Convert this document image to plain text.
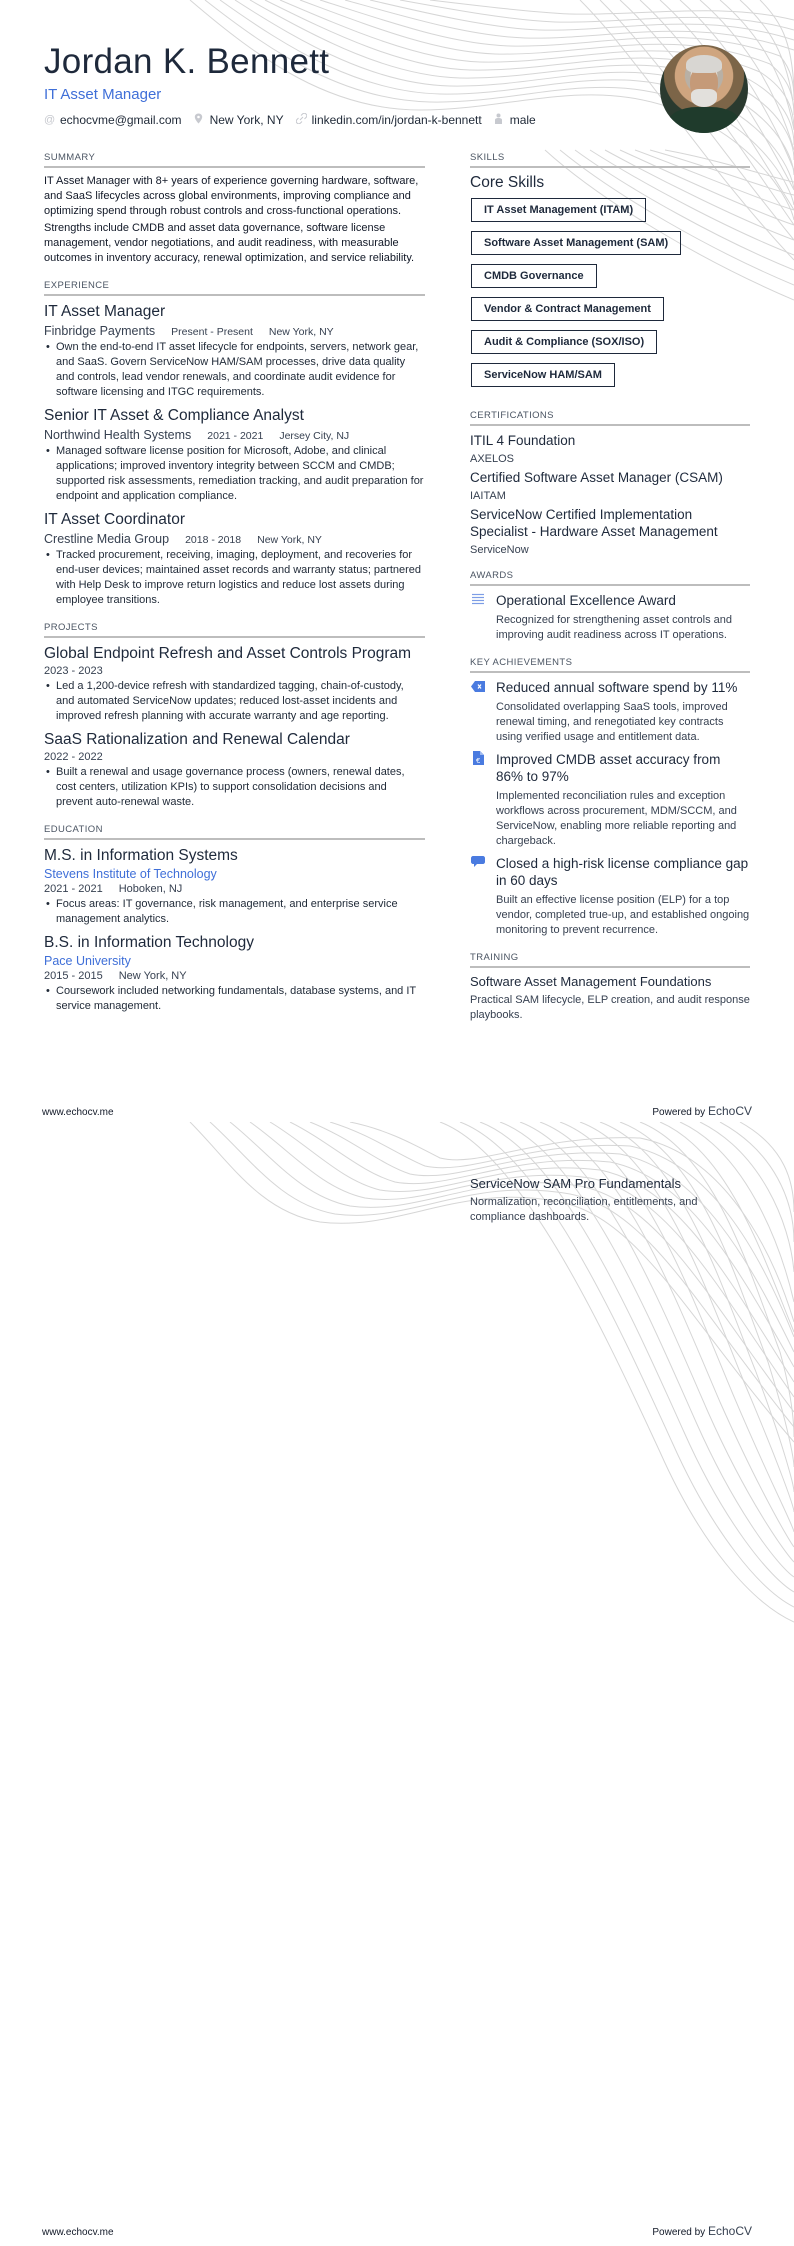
Jordan K. Bennett
IT Asset Manager
@ echocvme@gmail.com New York, NY linkedin.com/in/jordan-k-bennett male
SUMMARY

IT Asset Manager with 8+ years of experience governing hardware, software, and SaaS lifecycles across global environments, improving compliance and optimizing spend through robust controls and cross-functional operations.

Strengths include CMDB and asset data governance, software license management, vendor negotiations, and audit readiness, with measurable outcomes in inventory accuracy, renewal optimization, and service reliability.

EXPERIENCE
IT Asset Manager
Finbridge Payments Present - Present New York, NY
• Own the end-to-end IT asset lifecycle for endpoints, servers, network gear, and SaaS. Govern ServiceNow HAM/SAM processes, drive data quality and controls, lead vendor renewals, and coordinate audit evidence for software licensing and ITGC requirements.
Senior IT Asset & Compliance Analyst
Northwind Health Systems 2021 - 2021 Jersey City, NJ
• Managed software license position for Microsoft, Adobe, and clinical applications; improved inventory integrity between SCCM and CMDB; supported risk assessments, remediation tracking, and audit preparation for endpoint and application compliance.
IT Asset Coordinator
Crestline Media Group 2018 - 2018 New York, NY
• Tracked procurement, receiving, imaging, deployment, and recoveries for end-user devices; maintained asset records and warranty status; partnered with Help Desk to improve return logistics and reduce lost assets during employee transitions.
PROJECTS
Global Endpoint Refresh and Asset Controls Program
2023 - 2023
• Led a 1,200-device refresh with standardized tagging, chain-of-custody, and automated ServiceNow updates; reduced lost-asset incidents and improved refresh planning with accurate warranty and age reporting.
SaaS Rationalization and Renewal Calendar
2022 - 2022
• Built a renewal and usage governance process (owners, renewal dates, cost centers, utilization KPIs) to support consolidation decisions and prevent auto-renewal waste.
EDUCATION
M.S. in Information Systems
Stevens Institute of Technology
2021 - 2021 Hoboken, NJ
• Focus areas: IT governance, risk management, and enterprise service management analytics.
B.S. in Information Technology
Pace University
2015 - 2015 New York, NY
• Coursework included networking fundamentals, database systems, and IT service management.
SKILLS
Core Skills
IT Asset Management (ITAM)
Software Asset Management (SAM)
CMDB Governance
Vendor & Contract Management
Audit & Compliance (SOX/ISO)
ServiceNow HAM/SAM
CERTIFICATIONS
ITIL 4 Foundation
AXELOS
Certified Software Asset Manager (CSAM)
IAITAM
ServiceNow Certified Implementation Specialist - Hardware Asset Management
ServiceNow
AWARDS
Operational Excellence Award
Recognized for strengthening asset controls and improving audit readiness across IT operations.
KEY ACHIEVEMENTS
Reduced annual software spend by 11%
Consolidated overlapping SaaS tools, improved renewal timing, and renegotiated key contracts using verified usage and entitlement data.
€ Improved CMDB asset accuracy from 86% to 97%
Implemented reconciliation rules and exception workflows across procurement, MDM/SCCM, and ServiceNow, enabling more reliable reporting and chargeback.
Closed a high-risk license compliance gap in 60 days
Built an effective license position (ELP) for a top vendor, completed true-up, and established ongoing monitoring to prevent recurrence.
TRAINING
Software Asset Management Foundations
Practical SAM lifecycle, ELP creation, and audit response playbooks.
www.echocv.me	Powered by EchoCV
ServiceNow SAM Pro Fundamentals
Normalization, reconciliation, entitlements, and compliance dashboards.
www.echocv.me	Powered by EchoCV
